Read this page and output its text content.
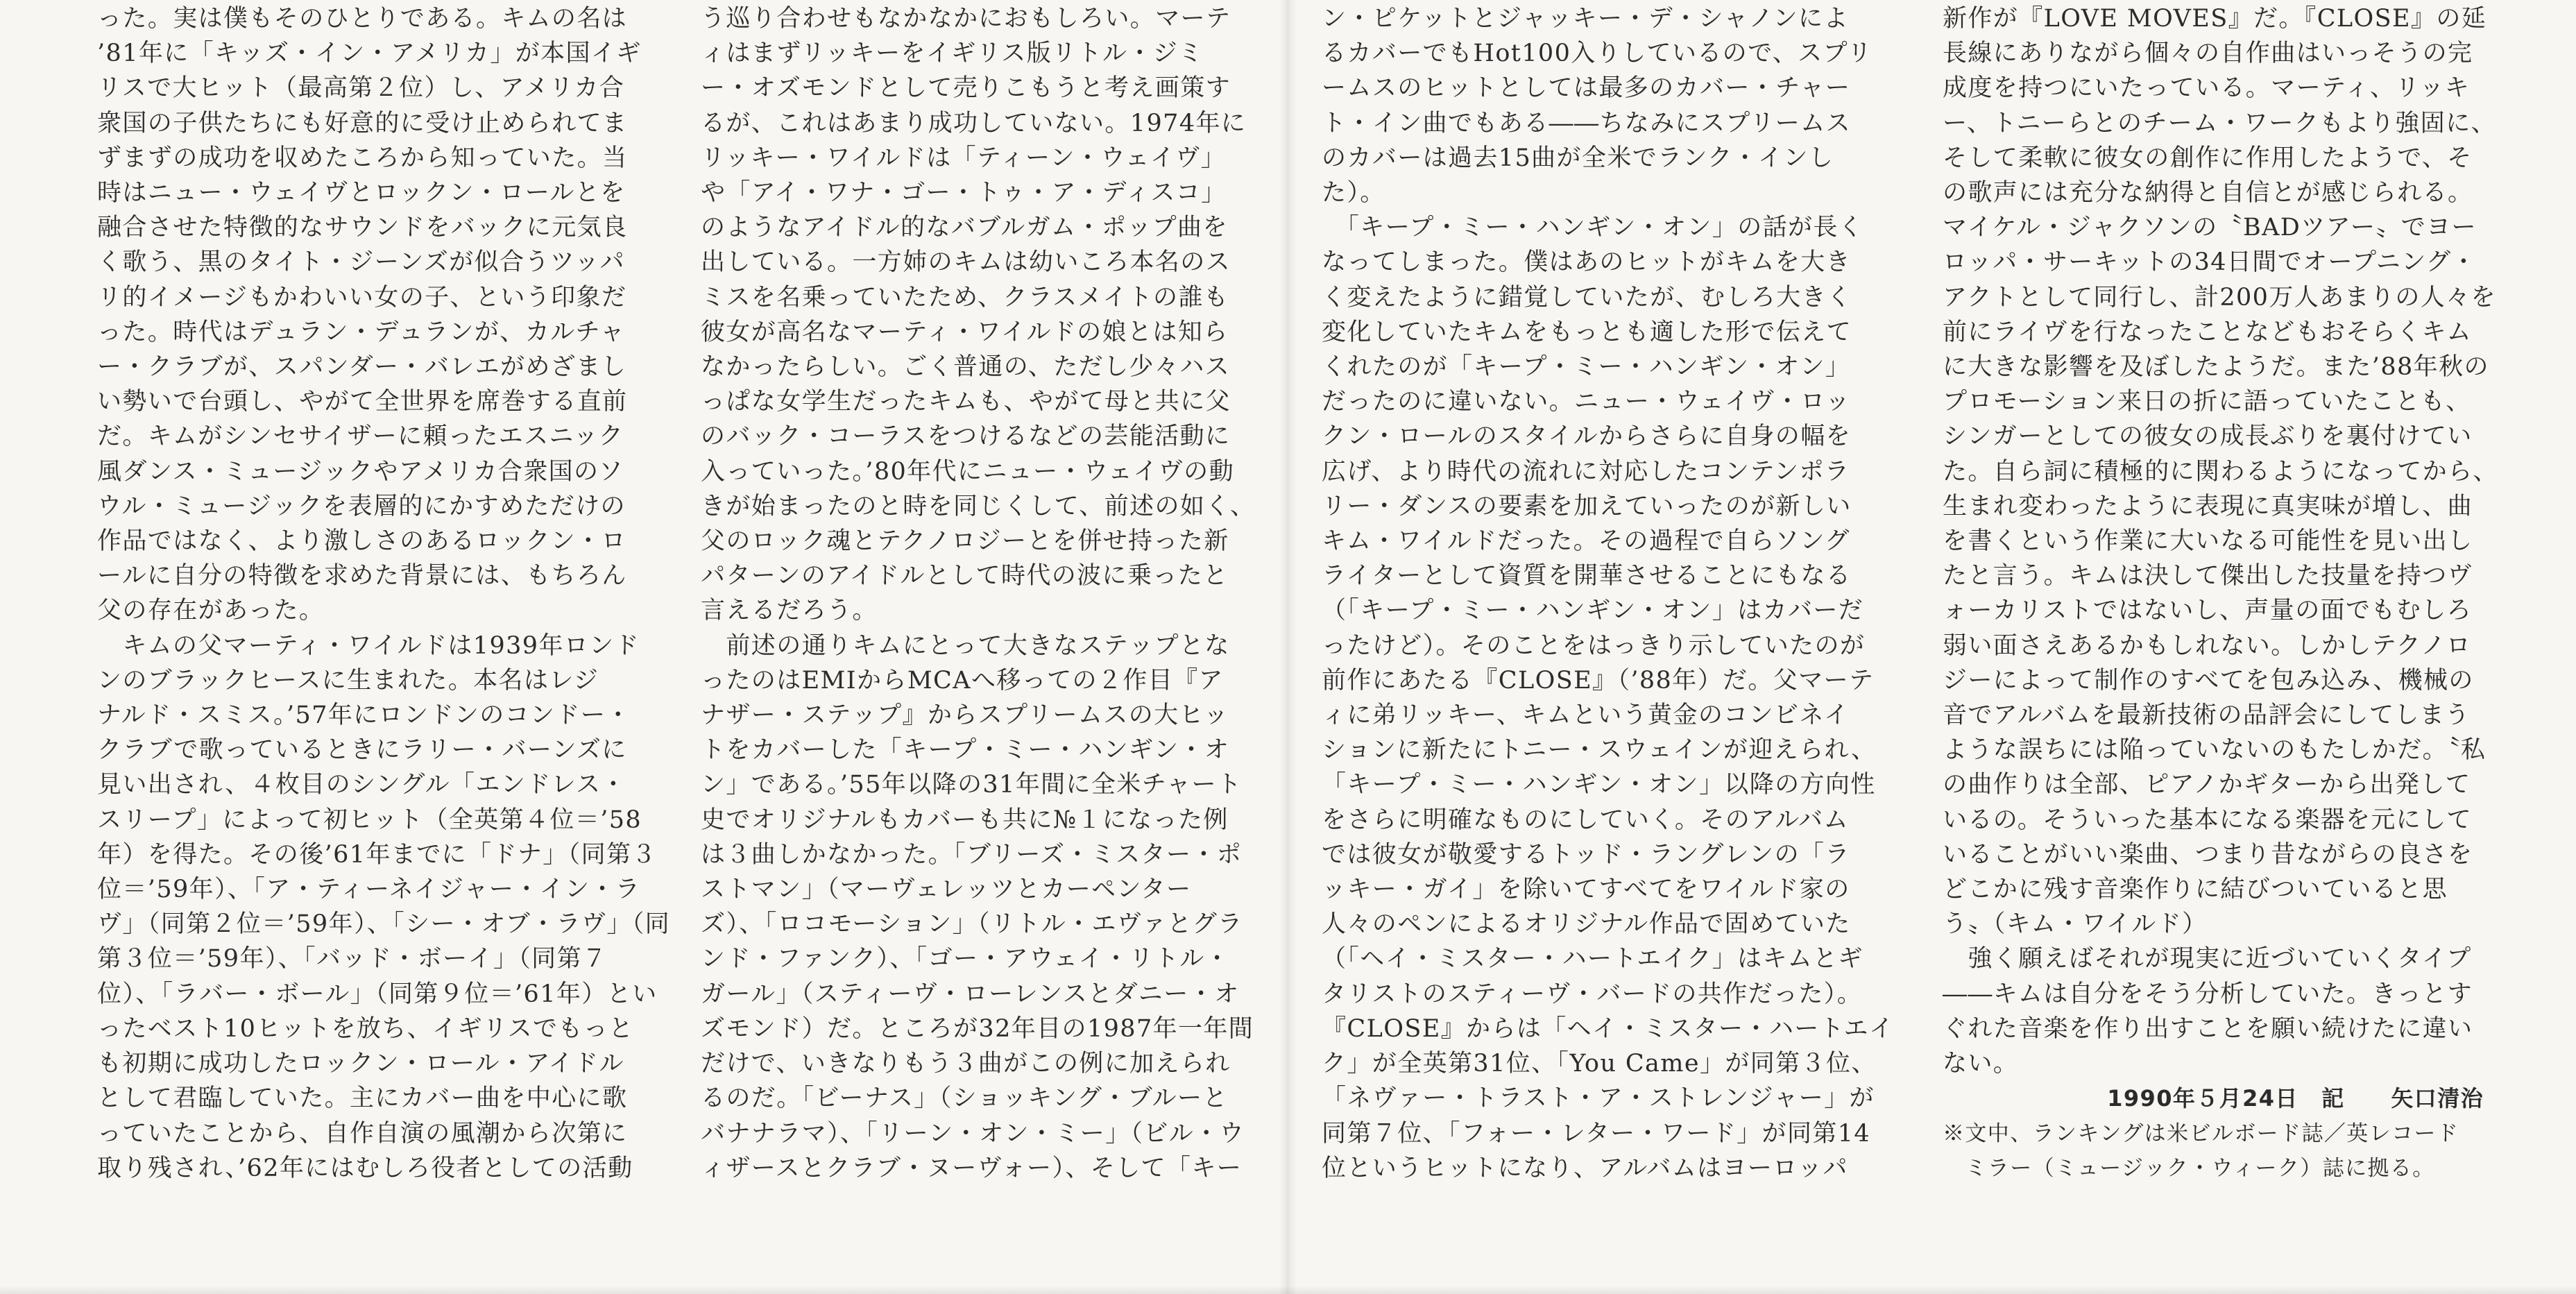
った。実は僕もそのひとりである。キムの名は
’81年に「キッズ・イン・アメリカ」が本国イギ
リスで大ヒット（最高第２位）し、アメリカ合
衆国の子供たちにも好意的に受け止められてま
ずまずの成功を収めたころから知っていた。当
時はニュー・ウェイヴとロックン・ロールとを
融合させた特徴的なサウンドをバックに元気良
く歌う、黒のタイト・ジーンズが似合うツッパ
リ的イメージもかわいい女の子、という印象だ
った。時代はデュラン・デュランが、カルチャ
ー・クラブが、スパンダー・バレエがめざまし
い勢いで台頭し、やがて全世界を席巻する直前
だ。キムがシンセサイザーに頼ったエスニック
風ダンス・ミュージックやアメリカ合衆国のソ
ウル・ミュージックを表層的にかすめただけの
作品ではなく、より激しさのあるロックン・ロ
ールに自分の特徴を求めた背景には、もちろん
父の存在があった。
　キムの父マーティ・ワイルドは1939年ロンド
ンのブラックヒースに生まれた。本名はレジ
ナルド・スミス。’57年にロンドンのコンドー・
クラブで歌っているときにラリー・バーンズに
見い出され、４枚目のシングル「エンドレス・
スリープ」によって初ヒット（全英第４位＝’58
年）を得た。その後’61年までに「ドナ」（同第３
位＝’59年）、「ア・ティーネイジャー・イン・ラ
ヴ」（同第２位＝’59年）、「シー・オブ・ラヴ」（同
第３位＝’59年）、「バッド・ボーイ」（同第７
位）、「ラバー・ボール」（同第９位＝’61年）とい
ったベスト10ヒットを放ち、イギリスでもっと
も初期に成功したロックン・ロール・アイドル
として君臨していた。主にカバー曲を中心に歌
っていたことから、自作自演の風潮から次第に
取り残され、’62年にはむしろ役者としての活動
う巡り合わせもなかなかにおもしろい。マーテ
ィはまずリッキーをイギリス版リトル・ジミ
ー・オズモンドとして売りこもうと考え画策す
るが、これはあまり成功していない。1974年に
リッキー・ワイルドは「ティーン・ウェイヴ」
や「アイ・ワナ・ゴー・トゥ・ア・ディスコ」
のようなアイドル的なバブルガム・ポップ曲を
出している。一方姉のキムは幼いころ本名のス
ミスを名乗っていたため、クラスメイトの誰も
彼女が高名なマーティ・ワイルドの娘とは知ら
なかったらしい。ごく普通の、ただし少々ハス
っぱな女学生だったキムも、やがて母と共に父
のバック・コーラスをつけるなどの芸能活動に
入っていった。’80年代にニュー・ウェイヴの動
きが始まったのと時を同じくして、前述の如く、
父のロック魂とテクノロジーとを併せ持った新
パターンのアイドルとして時代の波に乗ったと
言えるだろう。
　前述の通りキムにとって大きなステップとな
ったのはEMIからMCAへ移っての２作目『ア
ナザー・ステップ』からスプリームスの大ヒッ
トをカバーした「キープ・ミー・ハンギン・オ
ン」である。’55年以降の31年間に全米チャート
史でオリジナルもカバーも共に№１になった例
は３曲しかなかった。「ブリーズ・ミスター・ポ
ストマン」（マーヴェレッツとカーペンター
ズ）、「ロコモーション」（リトル・エヴァとグラ
ンド・ファンク）、「ゴー・アウェイ・リトル・
ガール」（スティーヴ・ローレンスとダニー・オ
ズモンド）だ。ところが32年目の1987年一年間
だけで、いきなりもう３曲がこの例に加えられ
るのだ。「ビーナス」（ショッキング・ブルーと
バナナラマ）、「リーン・オン・ミー」（ビル・ウ
ィザースとクラブ・ヌーヴォー）、そして「キー
ン・ピケットとジャッキー・デ・シャノンによ
るカバーでもHot100入りしているので、スプリ
ームスのヒットとしては最多のカバー・チャー
ト・イン曲でもある――ちなみにスプリームス
のカバーは過去15曲が全米でランク・インし
た）。
　「キープ・ミー・ハンギン・オン」の話が長く
なってしまった。僕はあのヒットがキムを大き
く変えたように錯覚していたが、むしろ大きく
変化していたキムをもっとも適した形で伝えて
くれたのが「キープ・ミー・ハンギン・オン」
だったのに違いない。ニュー・ウェイヴ・ロッ
クン・ロールのスタイルからさらに自身の幅を
広げ、より時代の流れに対応したコンテンポラ
リー・ダンスの要素を加えていったのが新しい
キム・ワイルドだった。その過程で自らソング
ライターとして資質を開華させることにもなる
（「キープ・ミー・ハンギン・オン」はカバーだ
ったけど）。そのことをはっきり示していたのが
前作にあたる『CLOSE』（’88年）だ。父マーテ
ィに弟リッキー、キムという黄金のコンビネイ
ションに新たにトニー・スウェインが迎えられ、
「キープ・ミー・ハンギン・オン」以降の方向性
をさらに明確なものにしていく。そのアルバム
では彼女が敬愛するトッド・ラングレンの「ラ
ッキー・ガイ」を除いてすべてをワイルド家の
人々のペンによるオリジナル作品で固めていた
（「ヘイ・ミスター・ハートエイク」はキムとギ
タリストのスティーヴ・バードの共作だった）。
『CLOSE』からは「ヘイ・ミスター・ハートエイ
ク」が全英第31位、「You Came」が同第３位、
「ネヴァー・トラスト・ア・ストレンジャー」が
同第７位、「フォー・レター・ワード」が同第14
位というヒットになり、アルバムはヨーロッパ
新作が『LOVE MOVES』だ。『CLOSE』の延
長線にありながら個々の自作曲はいっそうの完
成度を持つにいたっている。マーティ、リッキ
ー、トニーらとのチーム・ワークもより強固に、
そして柔軟に彼女の創作に作用したようで、そ
の歌声には充分な納得と自信とが感じられる。
マイケル・ジャクソンの〝BADツアー〟でヨー
ロッパ・サーキットの34日間でオープニング・
アクトとして同行し、計200万人あまりの人々を
前にライヴを行なったことなどもおそらくキム
に大きな影響を及ぼしたようだ。また’88年秋の
プロモーション来日の折に語っていたことも、
シンガーとしての彼女の成長ぶりを裏付けてい
た。自ら詞に積極的に関わるようになってから、
生まれ変わったように表現に真実味が増し、曲
を書くという作業に大いなる可能性を見い出し
たと言う。キムは決して傑出した技量を持つヴ
ォーカリストではないし、声量の面でもむしろ
弱い面さえあるかもしれない。しかしテクノロ
ジーによって制作のすべてを包み込み、機械の
音でアルバムを最新技術の品評会にしてしまう
ような誤ちには陥っていないのもたしかだ。〝私
の曲作りは全部、ピアノかギターから出発して
いるの。そういった基本になる楽器を元にして
いることがいい楽曲、つまり昔ながらの良さを
どこかに残す音楽作りに結びついていると思
う〟（キム・ワイルド）
　強く願えばそれが現実に近づいていくタイプ
――キムは自分をそう分析していた。きっとす
ぐれた音楽を作り出すことを願い続けたに違い
ない。
1990年５月24日　記　　矢口清治
※文中、ランキングは米ビルボード誌／英レコード
　ミラー（ミュージック・ウィーク）誌に拠る。
